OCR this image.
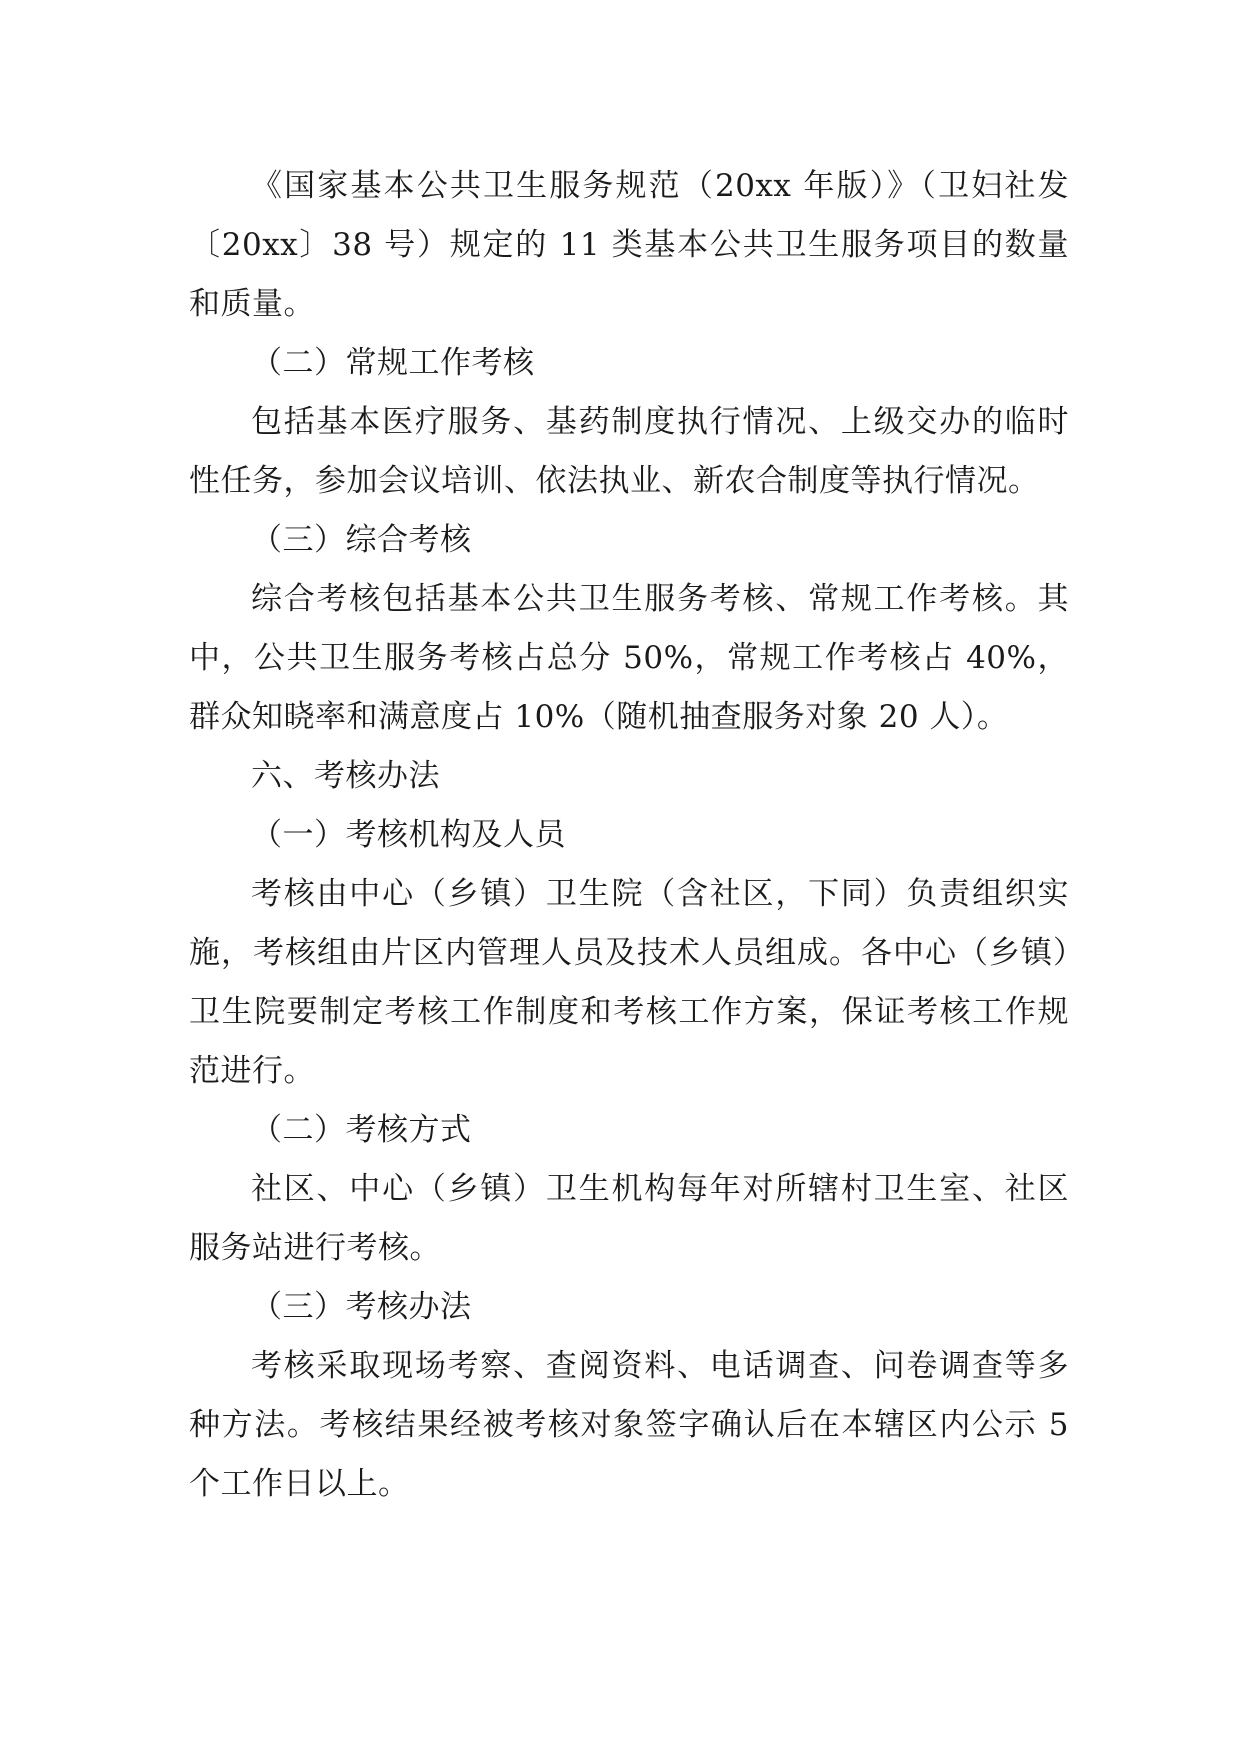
《国家基本公共卫生服务规范（20xx 年版）》（卫妇社发〔20xx〕38 号）规定的 11 类基本公共卫生服务项目的数量和质量。

（二）常规工作考核

包括基本医疗服务、基药制度执行情况、上级交办的临时性任务，参加会议培训、依法执业、新农合制度等执行情况。

（三）综合考核

综合考核包括基本公共卫生服务考核、常规工作考核。其中，公共卫生服务考核占总分 50%，常规工作考核占 40%，群众知晓率和满意度占 10%（随机抽查服务对象 20 人）。

六、考核办法

（一）考核机构及人员

考核由中心（乡镇）卫生院（含社区，下同）负责组织实施，考核组由片区内管理人员及技术人员组成。各中心（乡镇）卫生院要制定考核工作制度和考核工作方案，保证考核工作规范进行。

（二）考核方式

社区、中心（乡镇）卫生机构每年对所辖村卫生室、社区服务站进行考核。

（三）考核办法

考核采取现场考察、查阅资料、电话调查、问卷调查等多种方法。考核结果经被考核对象签字确认后在本辖区内公示 5 个工作日以上。
